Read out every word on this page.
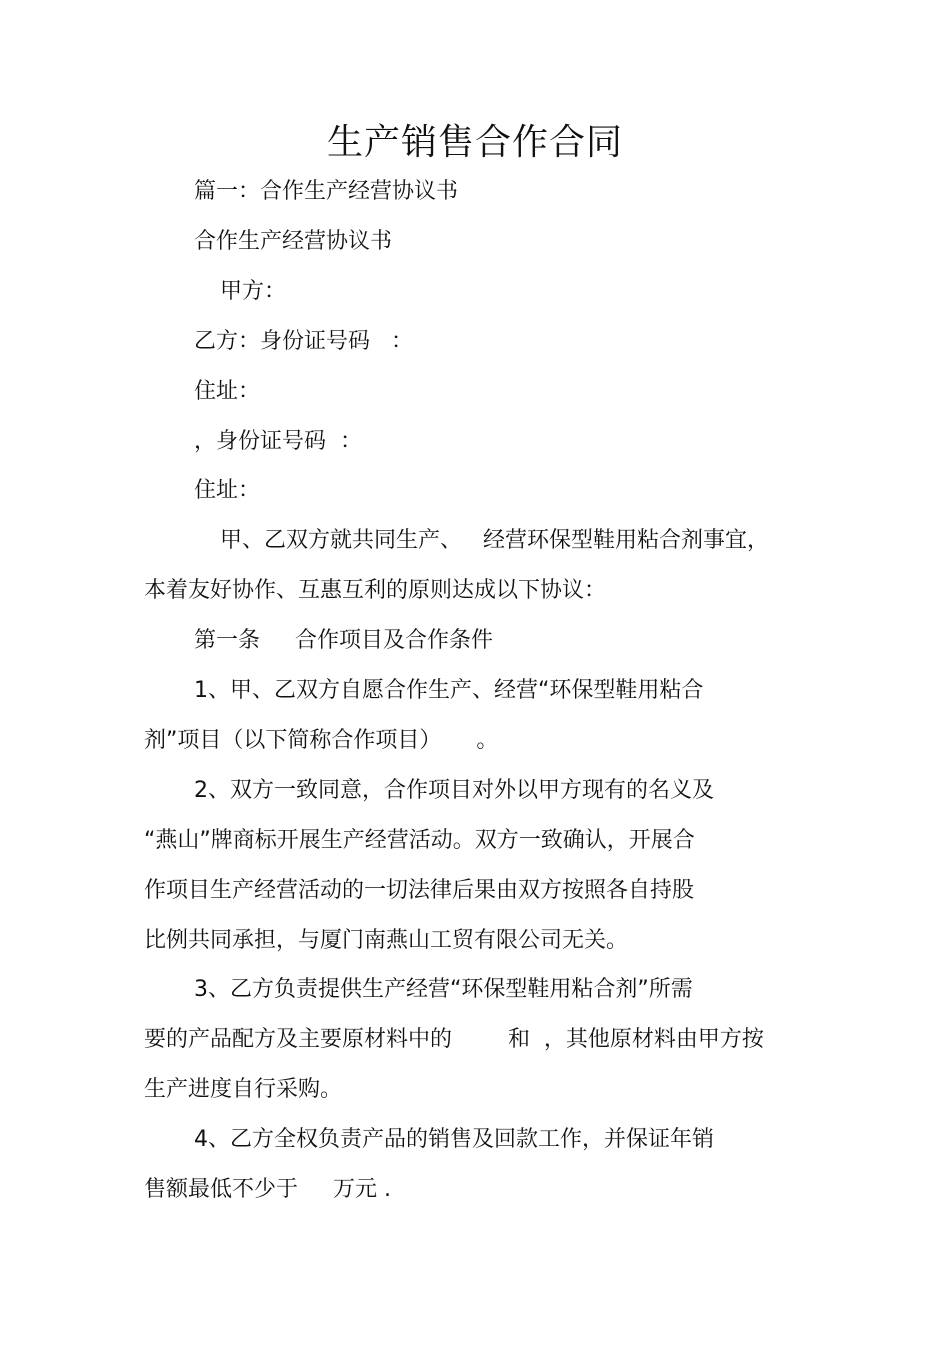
生产销售合作合同
篇一：合作生产经营协议书
合作生产经营协议书
甲方：
乙方：身份证号码   ：
住址：
，身份证号码  ：
住址：
甲、乙双方就共同生产、   经营环保型鞋用粘合剂事宜，
本着友好协作、互惠互利的原则达成以下协议：
第一条     合作项目及合作条件
1、甲、乙双方自愿合作生产、经营“环保型鞋用粘合
剂”项目（以下简称合作项目）     。
2、双方一致同意，合作项目对外以甲方现有的名义及
“燕山”牌商标开展生产经营活动。双方一致确认，开展合
作项目生产经营活动的一切法律后果由双方按照各自持股
比例共同承担，与厦门南燕山工贸有限公司无关。
3、乙方负责提供生产经营“环保型鞋用粘合剂”所需
要的产品配方及主要原材料中的        和  ，其他原材料由甲方按
生产进度自行采购。
4、乙方全权负责产品的销售及回款工作，并保证年销
售额最低不少于     万元 .
